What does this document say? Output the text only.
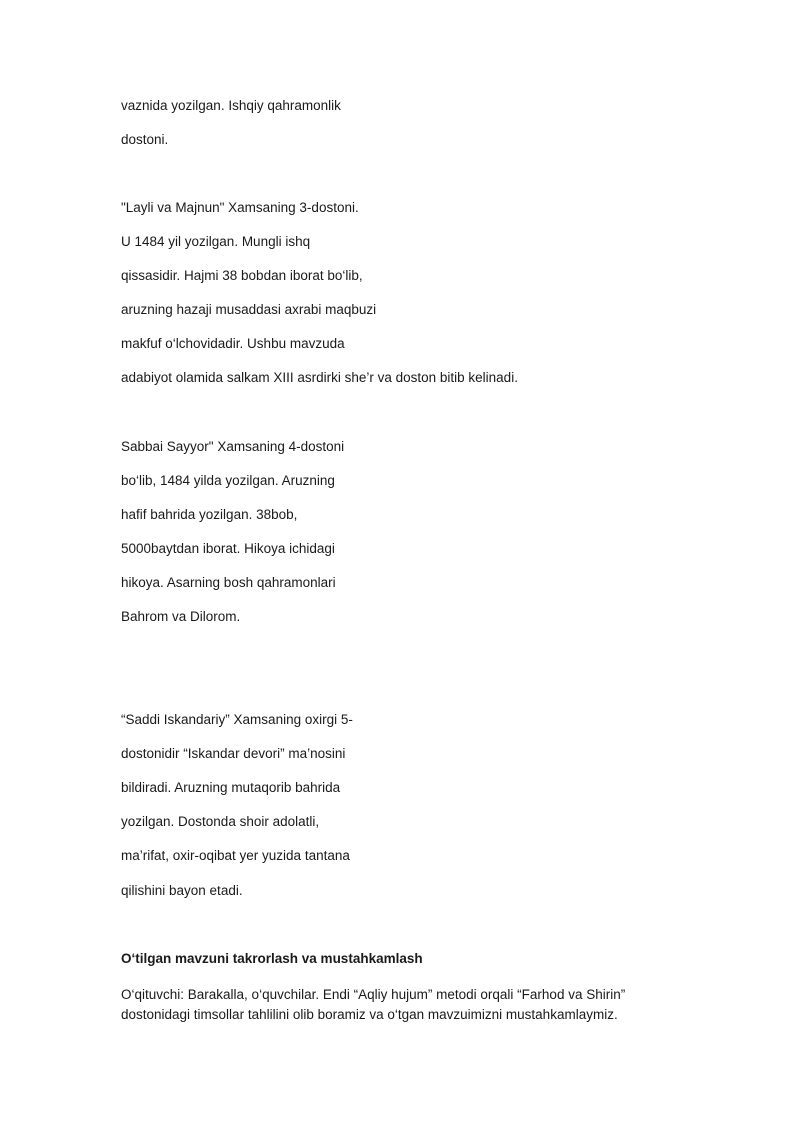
vaznida yozilgan. Ishqiy qahramonlik

dostoni.

"Layli va Majnun" Xamsaning 3-dostoni.

U 1484 yil yozilgan. Mungli ishq

qissasidir. Hajmi 38 bobdan iborat bo‘lib,

aruzning hazaji musaddasi axrabi maqbuzi

makfuf o‘lchovidadir. Ushbu mavzuda

adabiyot olamida salkam XIII asrdirki she’r va doston bitib kelinadi.

Sabbai Sayyor" Xamsaning 4-dostoni

bo‘lib, 1484 yilda yozilgan. Aruzning

hafif bahrida yozilgan. 38bob,

5000baytdan iborat. Hikoya ichidagi

hikoya. Asarning bosh qahramonlari

Bahrom va Dilorom.

“Saddi Iskandariy” Xamsaning oxirgi 5-

dostonidir “Iskandar devori” ma’nosini

bildiradi. Aruzning mutaqorib bahrida

yozilgan. Dostonda shoir adolatli,

ma’rifat, oxir-oqibat yer yuzida tantana

qilishini bayon etadi.

O‘tilgan mavzuni takrorlash va mustahkamlash

O‘qituvchi: Barakalla, o‘quvchilar. Endi “Aqliy hujum” metodi orqali “Farhod va Shirin” dostonidagi timsollar tahlilini olib boramiz va o‘tgan mavzuimizni mustahkamlaymiz.
